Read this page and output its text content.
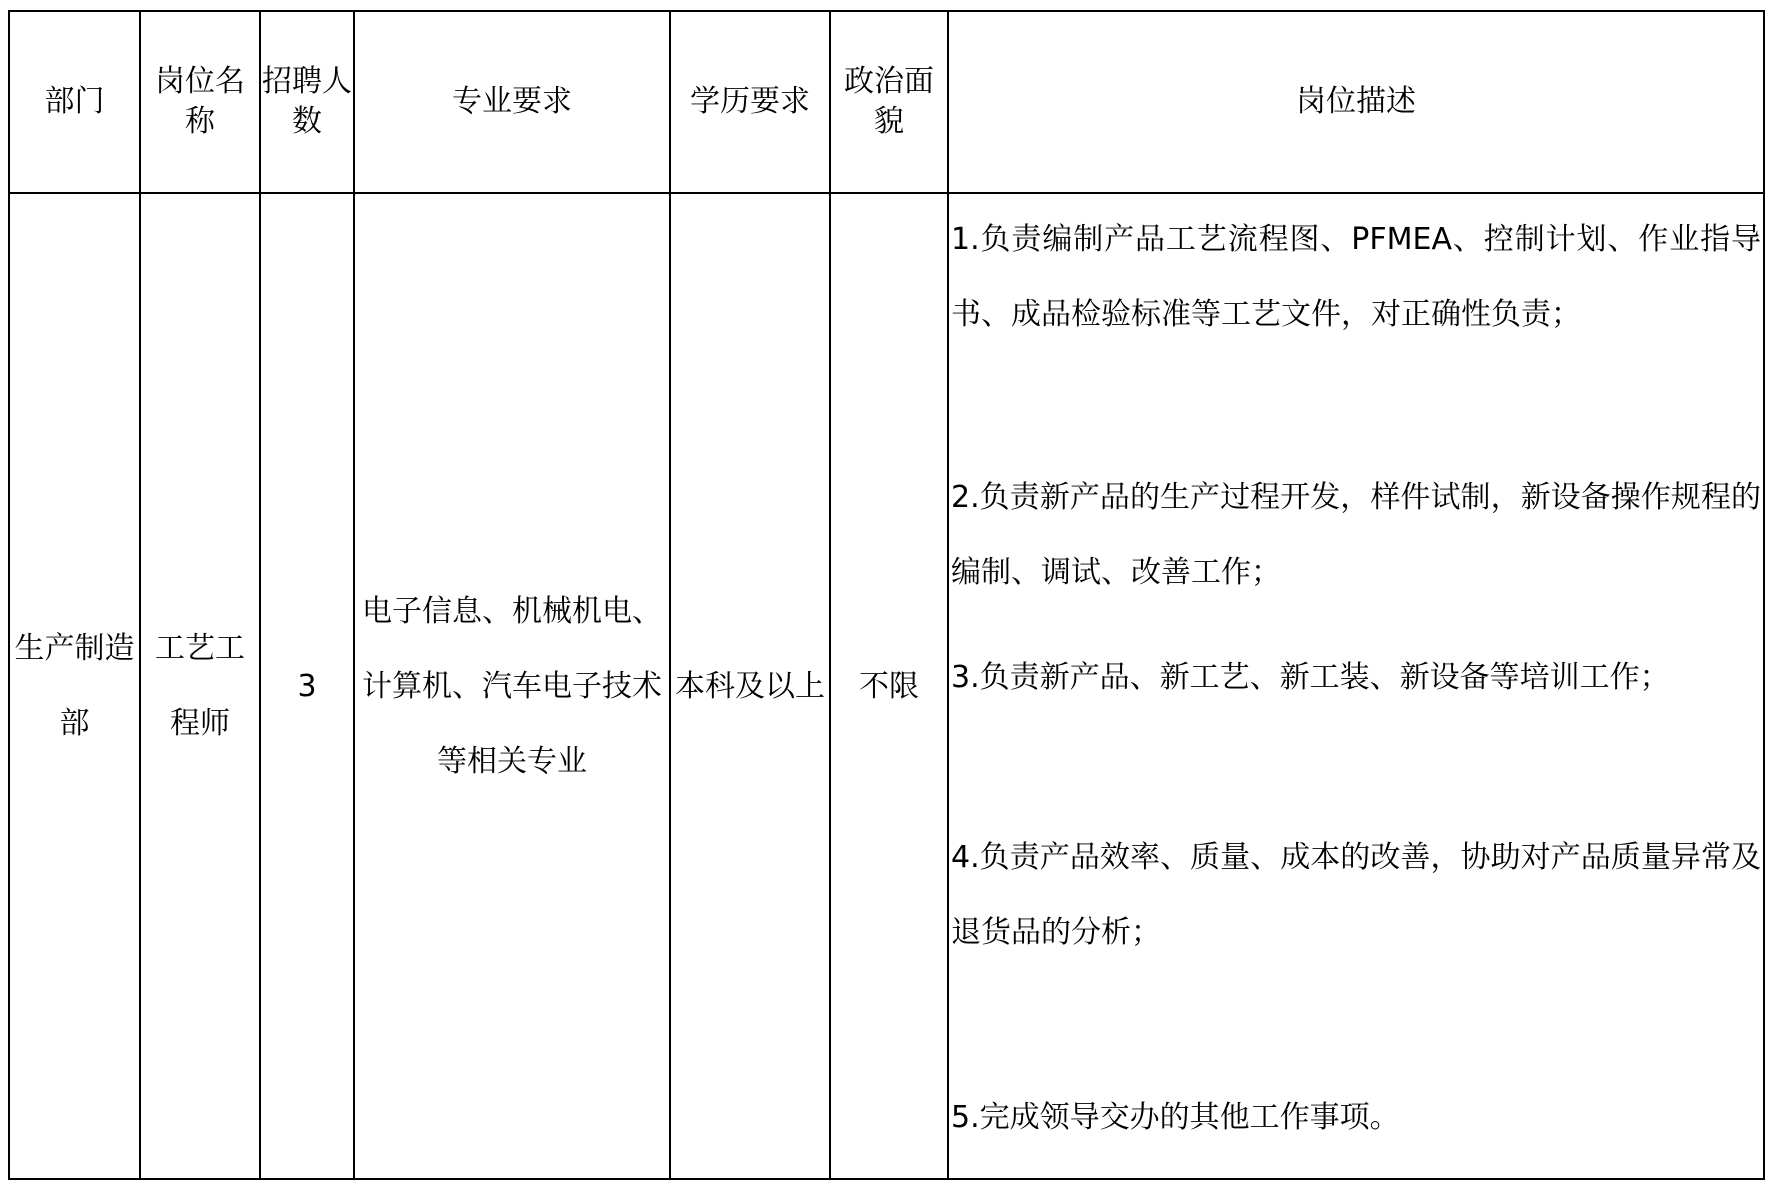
部门	岗位名称	招聘人数	专业要求	学历要求	政治面貌	岗位描述
生产制造部	工艺工程师	3	电子信息、机械机电、计算机、汽车电子技术等相关专业	本科及以上	不限	1.负责编制产品工艺流程图、PFMEA、控制计划、作业指导书、成品检验标准等工艺文件，对正确性负责；
2.负责新产品的生产过程开发，样件试制，新设备操作规程的编制、调试、改善工作；
3.负责新产品、新工艺、新工装、新设备等培训工作；
4.负责产品效率、质量、成本的改善，协助对产品质量异常及退货品的分析；
5.完成领导交办的其他工作事项。
